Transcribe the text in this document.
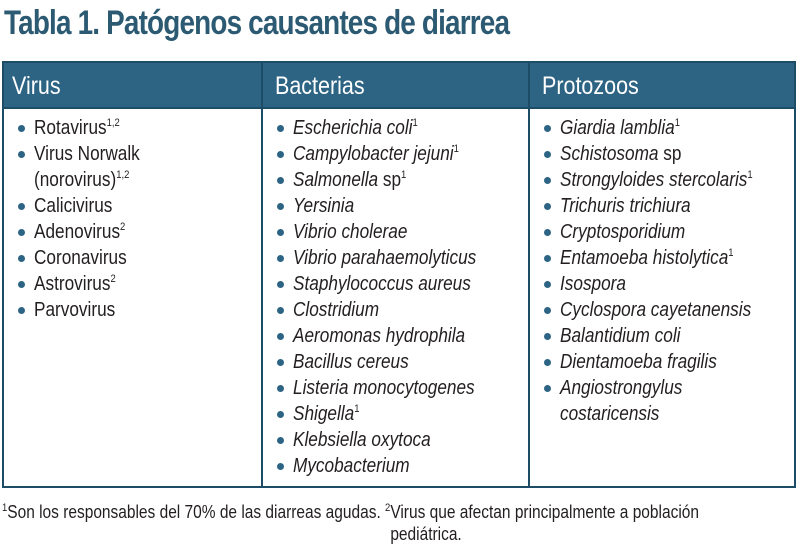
Tabla 1. Patógenos causantes de diarrea
Virus
Rotavirus$^{1,2}$
Virus Norwalk (norovirus)$^{1,2}$
Calicivirus
Adenovirus$^2$
Coronavirus
Astrovirus$^2$
Parvovirus
Bacterias
Escherichia coli$^1$
Campylobacter jejuni$^1$
Salmonella $sp^1$
Yersinia
Vibrio cholerae
Vibrio parahaemolyticus
Staphylococcus aureus
Clostridium
Aeromonas hydrophila
Bacillus cereus
Listeria monocytogenes
Shigella$^1$
Klebsiella oxytoca
Mycobacterium
Protozoos
Giardia lamblia$^1$
Schistosoma sp
Strongyloides stercolaris$^1$
Trichuris trichiura
Cryptosporidium
Entamoeba histolytica$^1$
Isospora
Cyclospora cayetanensis
Balantidium coli
Dientamoeba fragilis
Angiostrongylus costaricensis
$^1$Son los responsables del 70% de las diarreas agudas. $^2$Virus que afectan principalmente a población pediátrica.
